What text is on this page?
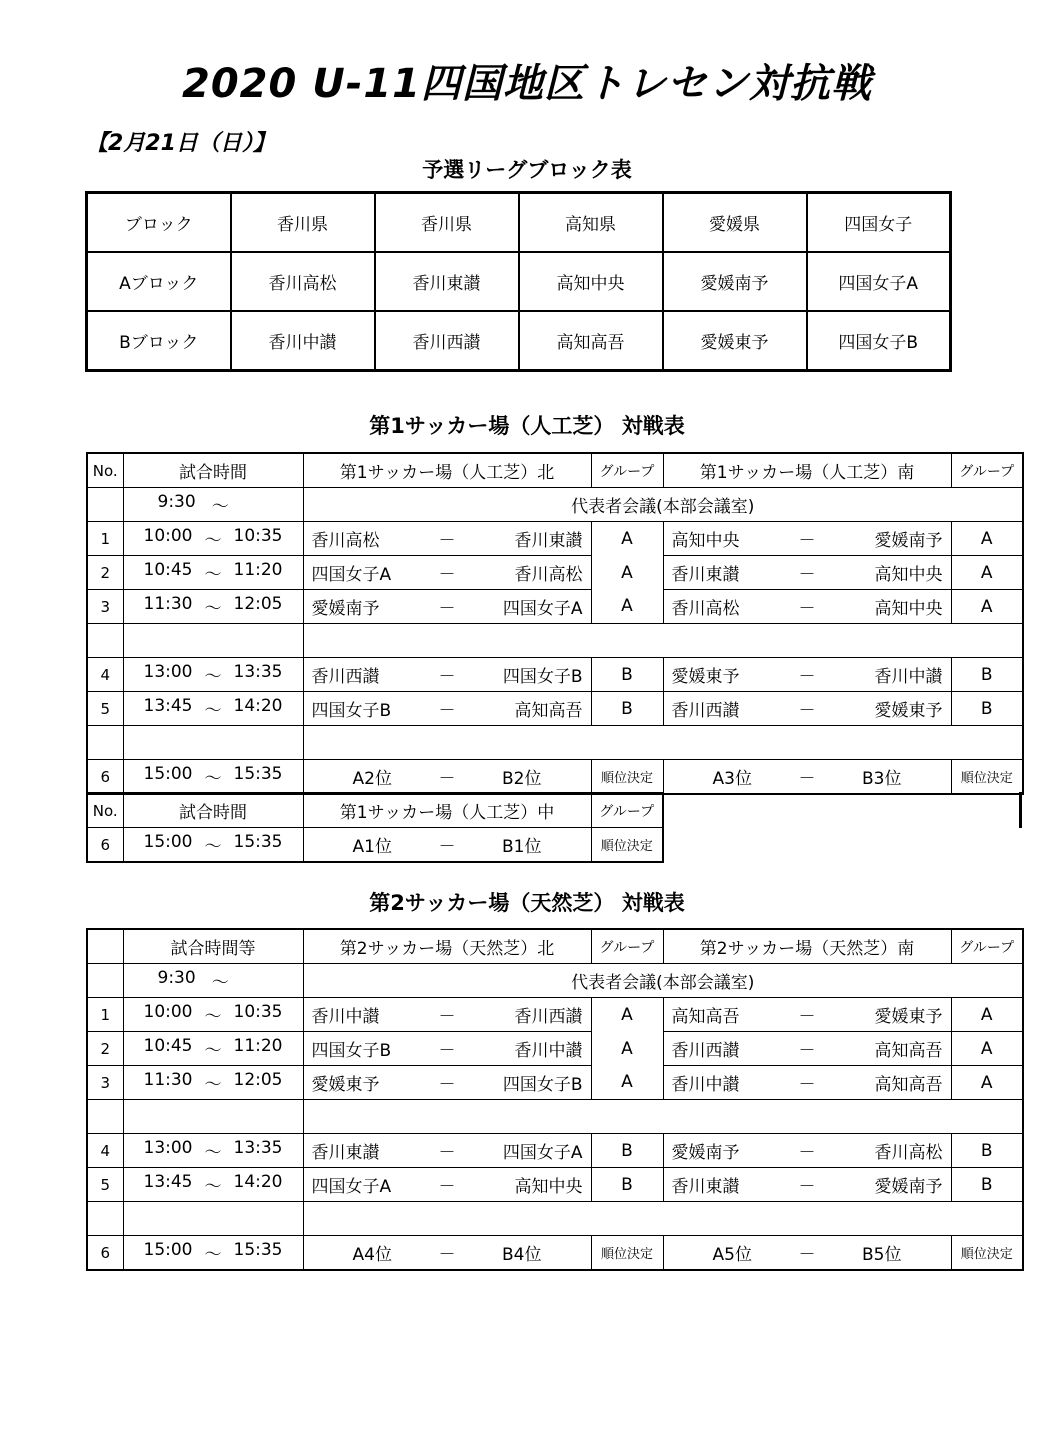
2020 U-11四国地区トレセン対抗戦
【2月21日（日）】
予選リーグブロック表
ブロック	香川県	香川県	高知県	愛媛県	四国女子
Aブロック	香川高松	香川東讃	高知中央	愛媛南予	四国女子A
Bブロック	香川中讃	香川西讃	高知高吾	愛媛東予	四国女子B
第1サッカー場（人工芝） 対戦表
No.	試合時間	第1サッカー場（人工芝）北	グループ	第1サッカー場（人工芝）南	グループ

	9:30 〜	代表者会議(本部会議室)			
1	10:00 〜 10:35	香川高松 － 香川東讃	A	高知中央 － 愛媛南予	A
2	10:45 〜 11:20	四国女子A － 香川高松	A	香川東讃 － 高知中央	A
3	11:30 〜 12:05	愛媛南予 － 四国女子A	A	香川高松 － 高知中央	A

4	13:00 〜 13:35	香川西讃 － 四国女子B	B	愛媛東予 － 香川中讃	B
5	13:45 〜 14:20	四国女子B － 高知高吾	B	香川西讃 － 愛媛東予	B

6	15:00 〜 15:35	A2位 － B2位	順位決定	A3位 － B3位	順位決定
No.	試合時間	第1サッカー場（人工芝）中	グループ
6	15:00 〜 15:35	A1位 － B1位	順位決定
第2サッカー場（天然芝） 対戦表
	試合時間等	第2サッカー場（天然芝）北	グループ	第2サッカー場（天然芝）南	グループ

	9:30 〜	代表者会議(本部会議室)			
1	10:00 〜 10:35	香川中讃 － 香川西讃	A	高知高吾 － 愛媛東予	A
2	10:45 〜 11:20	四国女子B － 香川中讃	A	香川西讃 － 高知高吾	A
3	11:30 〜 12:05	愛媛東予 － 四国女子B	A	香川中讃 － 高知高吾	A

4	13:00 〜 13:35	香川東讃 － 四国女子A	B	愛媛南予 － 香川高松	B
5	13:45 〜 14:20	四国女子A － 高知中央	B	香川東讃 － 愛媛南予	B

6	15:00 〜 15:35	A4位 － B4位	順位決定	A5位 － B5位	順位決定
